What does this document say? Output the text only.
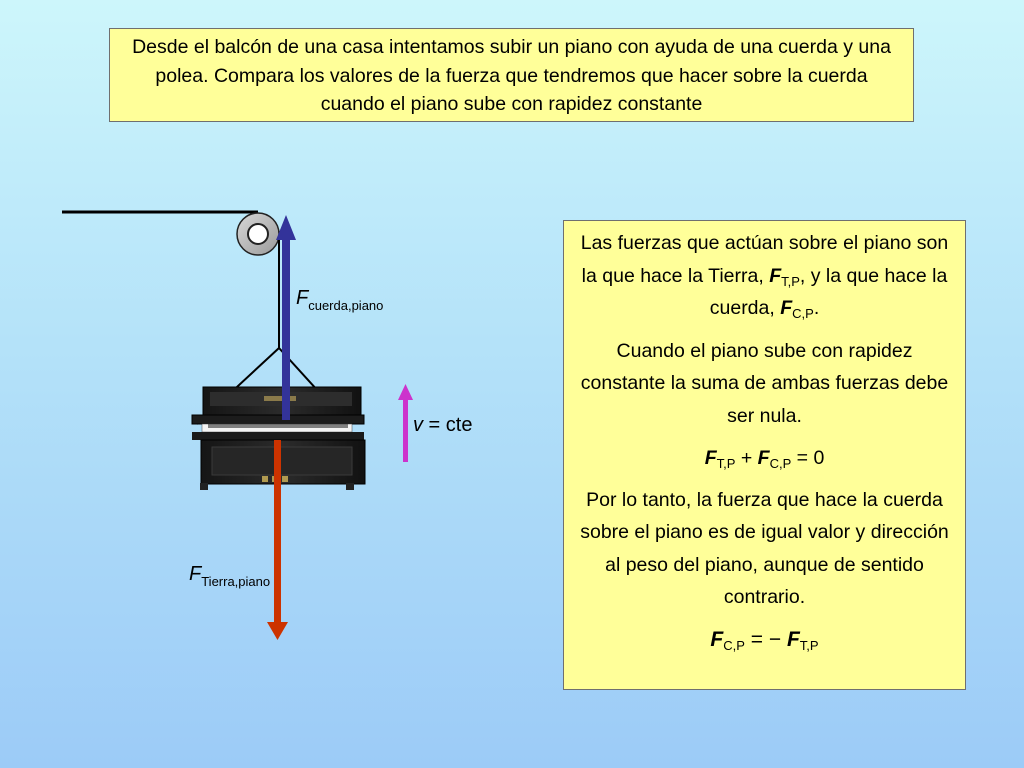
Desde el balcón de una casa intentamos subir un piano con ayuda de una cuerda y una polea. Compara los valores de la fuerza que tendremos que hacer sobre la cuerda cuando el piano sube con rapidez constante
$F_{cuerda,piano}$
$F_{Tierra,piano}$
v = cte

Las fuerzas que actúan sobre el piano son la que hace la Tierra, $F_{T,P}$, y la que hace la cuerda, $F_{C,P}$.

Cuando el piano sube con rapidez constante la suma de ambas fuerzas debe ser nula.

$F_{T,P} + F_{C,P} = 0$

Por lo tanto, la fuerza que hace la cuerda sobre el piano es de igual valor y dirección al peso del piano, aunque de sentido contrario.

$F_{C,P}$ = − $F_{T,P}$
